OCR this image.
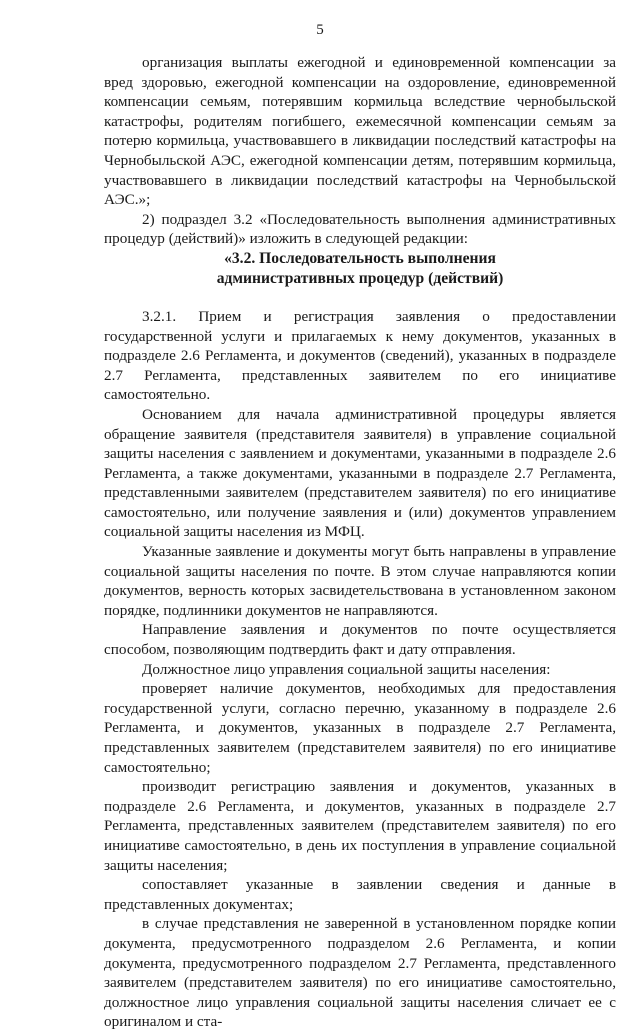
5

организация выплаты ежегодной и единовременной компенсации за вред здоровью, ежегодной компенсации на оздоровление, единовременной компенсации семьям, потерявшим кормильца вследствие чернобыльской катастрофы, родителям погибшего, ежемесячной компенсации семьям за потерю кормильца, участвовавшего в ликвидации последствий катастрофы на Чернобыльской АЭС, ежегодной компенсации детям, потерявшим кормильца, участвовавшего в ликвидации последствий катастрофы на Чернобыльской АЭС.»;

2) подраздел 3.2 «Последовательность выполнения административных процедур (действий)» изложить в следующей редакции:

«3.2. Последовательность выполнения
административных процедур (действий)

3.2.1. Прием и регистрация заявления о предоставлении государственной услуги и прилагаемых к нему документов, указанных в подразделе 2.6 Регламента, и документов (сведений), указанных в подразделе 2.7 Регламента, представленных заявителем по его инициативе самостоятельно.

Основанием для начала административной процедуры является обращение заявителя (представителя заявителя) в управление социальной защиты населения с заявлением и документами, указанными в подразделе 2.6 Регламента, а также документами, указанными в подразделе 2.7 Регламента, представленными заявителем (представителем заявителя) по его инициативе самостоятельно, или получение заявления и (или) документов управлением социальной защиты населения из МФЦ.

Указанные заявление и документы могут быть направлены в управление социальной защиты населения по почте. В этом случае направляются копии документов, верность которых засвидетельствована в установленном законом порядке, подлинники документов не направляются.

Направление заявления и документов по почте осуществляется способом, позволяющим подтвердить факт и дату отправления.

Должностное лицо управления социальной защиты населения:

проверяет наличие документов, необходимых для предоставления государственной услуги, согласно перечню, указанному в подразделе 2.6 Регламента, и документов, указанных в подразделе 2.7 Регламента, представленных заявителем (представителем заявителя) по его инициативе самостоятельно;

производит регистрацию заявления и документов, указанных в подразделе 2.6 Регламента, и документов, указанных в подразделе 2.7 Регламента, представленных заявителем (представителем заявителя) по его инициативе самостоятельно, в день их поступления в управление социальной защиты населения;

сопоставляет указанные в заявлении сведения и данные в представленных документах;

в случае представления не заверенной в установленном порядке копии документа, предусмотренного подразделом 2.6 Регламента, и копии документа, предусмотренного подразделом 2.7 Регламента, представленного заявителем (представителем заявителя) по его инициативе самостоятельно, должностное лицо управления социальной защиты населения сличает ее с оригиналом и ста-
